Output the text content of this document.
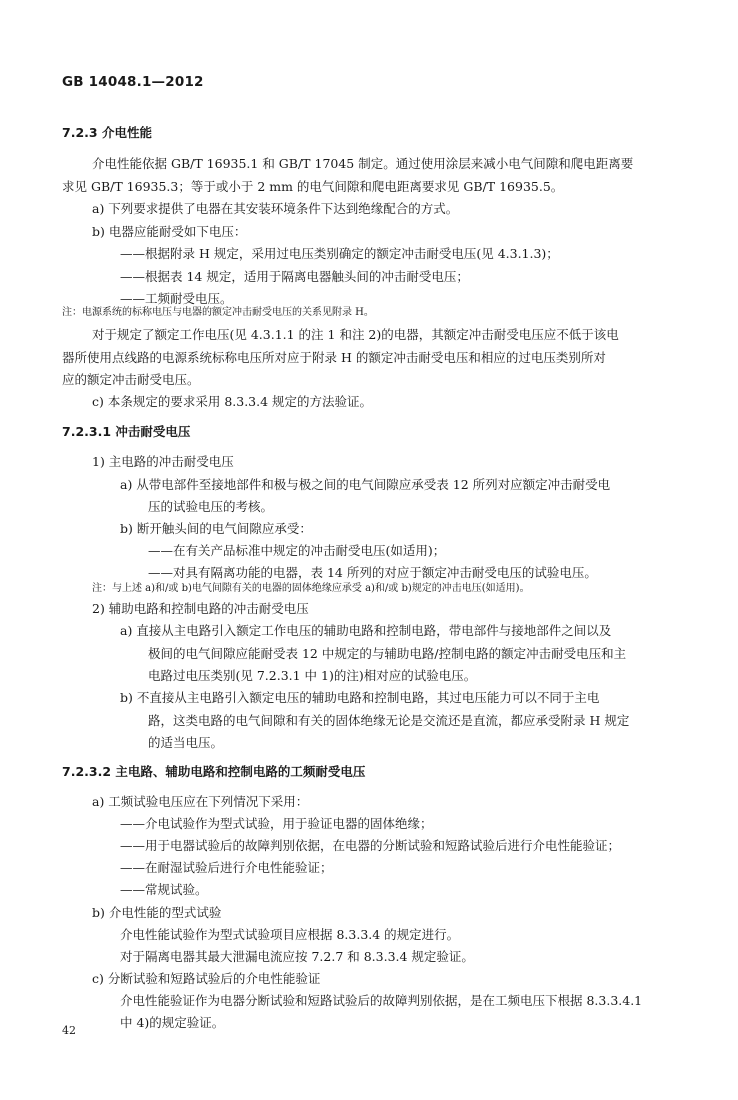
GB 14048.1—2012
7.2.3 介电性能
介电性能依据 GB/T 16935.1 和 GB/T 17045 制定。通过使用涂层来减小电气间隙和爬电距离要
求见 GB/T 16935.3；等于或小于 2 mm 的电气间隙和爬电距离要求见 GB/T 16935.5。
a) 下列要求提供了电器在其安装环境条件下达到绝缘配合的方式。
b) 电器应能耐受如下电压：
——根据附录 H 规定，采用过电压类别确定的额定冲击耐受电压(见 4.3.1.3)；
——根据表 14 规定，适用于隔离电器触头间的冲击耐受电压；
——工频耐受电压。
注：电源系统的标称电压与电器的额定冲击耐受电压的关系见附录 H。
对于规定了额定工作电压(见 4.3.1.1 的注 1 和注 2)的电器，其额定冲击耐受电压应不低于该电
器所使用点线路的电源系统标称电压所对应于附录 H 的额定冲击耐受电压和相应的过电压类别所对
应的额定冲击耐受电压。
c) 本条规定的要求采用 8.3.3.4 规定的方法验证。
7.2.3.1 冲击耐受电压
1) 主电路的冲击耐受电压
a) 从带电部件至接地部件和极与极之间的电气间隙应承受表 12 所列对应额定冲击耐受电
压的试验电压的考核。
b) 断开触头间的电气间隙应承受：
——在有关产品标准中规定的冲击耐受电压(如适用)；
——对具有隔离功能的电器，表 14 所列的对应于额定冲击耐受电压的试验电压。
注：与上述 a)和/或 b)电气间隙有关的电器的固体绝缘应承受 a)和/或 b)规定的冲击电压(如适用)。
2) 辅助电路和控制电路的冲击耐受电压
a) 直接从主电路引入额定工作电压的辅助电路和控制电路，带电部件与接地部件之间以及
极间的电气间隙应能耐受表 12 中规定的与辅助电路/控制电路的额定冲击耐受电压和主
电路过电压类别(见 7.2.3.1 中 1)的注)相对应的试验电压。
b) 不直接从主电路引入额定电压的辅助电路和控制电路，其过电压能力可以不同于主电
路，这类电路的电气间隙和有关的固体绝缘无论是交流还是直流，都应承受附录 H 规定
的适当电压。
7.2.3.2 主电路、辅助电路和控制电路的工频耐受电压
a) 工频试验电压应在下列情况下采用：
——介电试验作为型式试验，用于验证电器的固体绝缘；
——用于电器试验后的故障判别依据，在电器的分断试验和短路试验后进行介电性能验证；
——在耐湿试验后进行介电性能验证；
——常规试验。
b) 介电性能的型式试验
介电性能试验作为型式试验项目应根据 8.3.3.4 的规定进行。
对于隔离电器其最大泄漏电流应按 7.2.7 和 8.3.3.4 规定验证。
c) 分断试验和短路试验后的介电性能验证
介电性能验证作为电器分断试验和短路试验后的故障判别依据，是在工频电压下根据 8.3.3.4.1
中 4)的规定验证。
42
